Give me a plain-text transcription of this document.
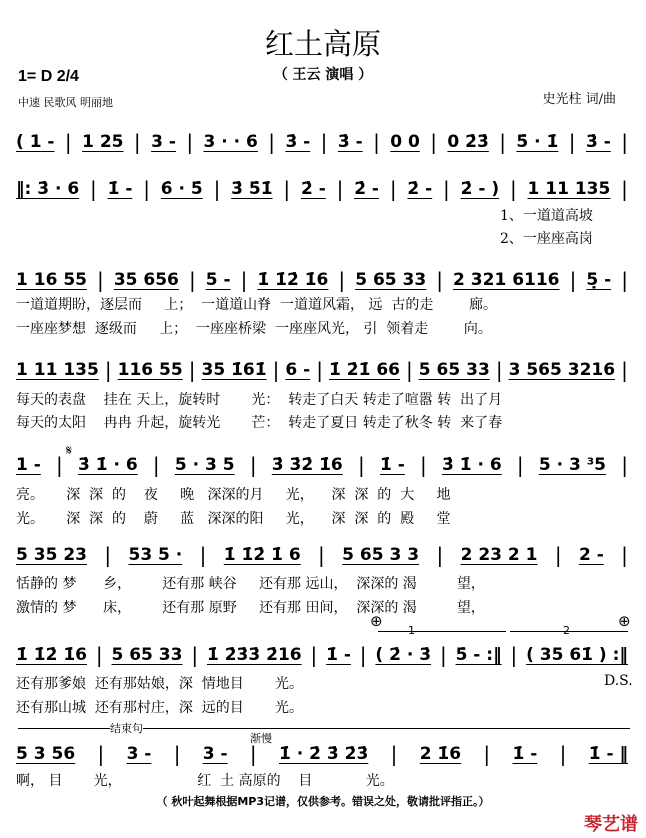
红土高原
（ 王云 演唱 ）
1= D 2/4
中速 民歌风 明丽地	史光柱 词/曲
( 1 - | 1 25 | 3 - | 3 · · 6 | 3̇ - | 3̇ - | 0 0 | 0 2̇3̇ | 5̇ · 1̇ | 3̇ - |
‖: 3̇ · 6 | 1̇ - | 6̇ · 5̇ | 3̇ 5̇1̇ | 2̇ - | 2̇ - | 2̇ - | 2̇ - ) | 1 11 135 |
1 16 55 | 35 656 | 5 - | 1̇ 1̇2̇ 1̇6 | 5 65 33 | 2 321 6116 | 5̣ - |
1 11 135 | 116 55 | 35 1̇61̇ | 6 - | 1̇ 2̇1̇ 66 | 5 65 33 | 3 565 3216 |
1 - | 3̇ 1̇ · 6 | 5 · 3 5 | 3̇ 3̇2̇ 1̇6 | 1̇ - | 3̇ 1̇ · 6 | 5 · 3 ³5 |
5 35 23 | 53 5 · | 1̇ 1̇2̇ 1̇ 6 | 5 65 3 3 | 2 23 2 1 | 2 - |
1̇ 1̇2̇ 1̇6 | 5 65 33 | 1̇ 2̇3̇3̇ 2̇16 | 1̇ - | ( 2̇ · 3̇ | 5̇ - :‖ | ( 35 61̇ ) :‖
5 3 56 | 3 - | 3 - | 1̇ · 2̇ 3̇ 2̇3̇ | 2 1̇6 | 1̇ - | 1̇ - ‖
1、一道道高坡
2、一座座高岗
一道道期盼，逐层而     上；  一道道山脊  一道道风霜， 远  古的走        廊。
一座座梦想  逐级而     上；  一座座桥梁  一座座风光， 引  领着走        向。
每天的表盘    挂在 天上，旋转时       光：  转走了白天 转走了喧嚣 转  出了月
每天的太阳    冉冉 升起，旋转光       芒：  转走了夏日 转走了秋冬 转  来了春
亮。     深  深  的    夜     晚   深深的月     光，    深  深  的  大     地
光。     深  深  的    蔚     蓝   深深的阳     光，    深  深  的  殿     堂
恬静的 梦      乡，       还有那 峡谷     还有那 远山，  深深的 渴         望，
激情的 梦      床，       还有那 原野     还有那 田间，  深深的 渴         望，
还有那爹娘  还有那姑娘，深  情地目       光。
还有那山城  还有那村庄，深  远的目       光。
D.S.
啊， 目       光，                 红  土 高原的    目            光。
𝄋
⊕	⊕
1	2
结束句
渐慢
（ 秋叶起舞根据MP3记谱，仅供参考。错误之处，敬请批评指正。）
琴艺谱
